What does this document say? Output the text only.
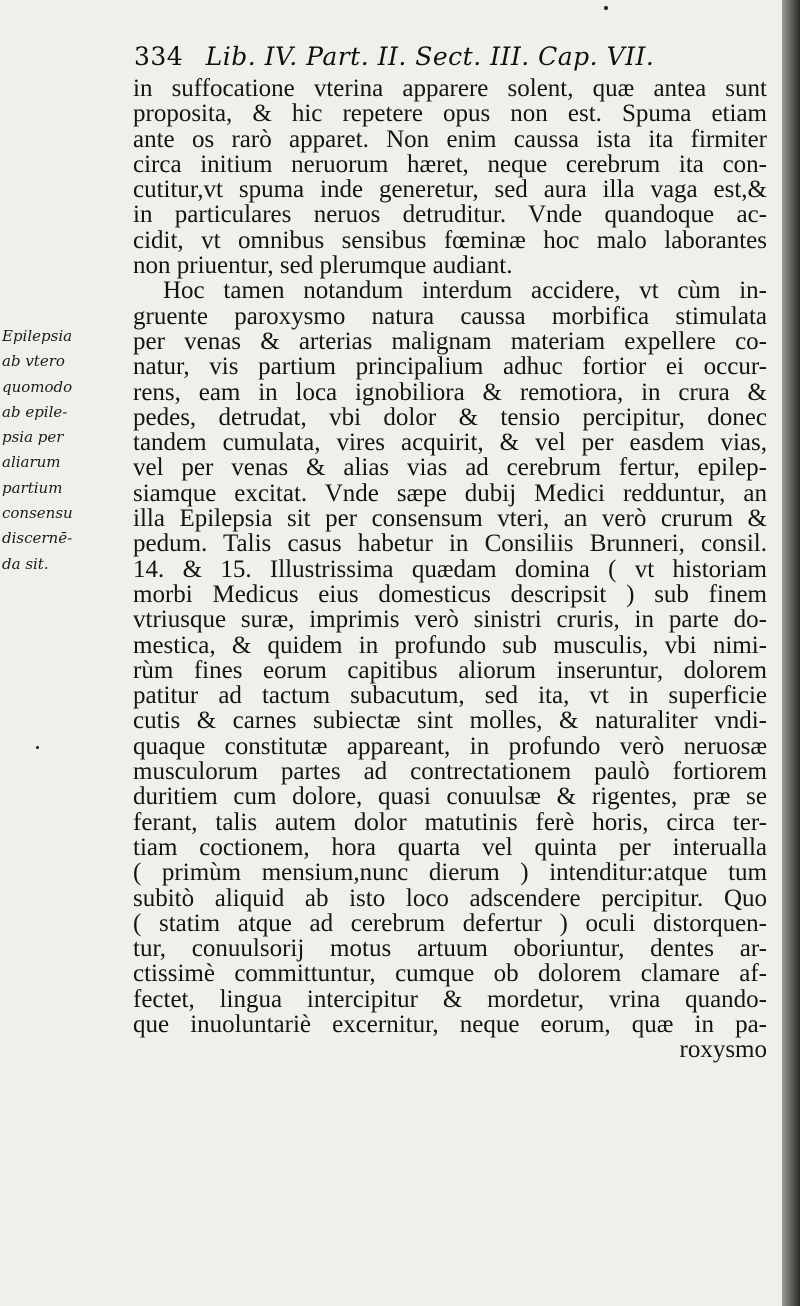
334 Lib. IV. Part. II. Sect. III. Cap. VII.
Epilepsia
ab vtero
quomodo
ab epile-
psia per
aliarum
partium
consensu
discernē-
da sit.
in suffocatione vterina apparere solent, quæ antea sunt
proposita, & hic repetere opus non est. Spuma etiam
ante os rarò apparet. Non enim caussa ista ita firmiter
circa initium neruorum hæret, neque cerebrum ita con-
cutitur,vt spuma inde generetur, sed aura illa vaga est,&
in particulares neruos detruditur. Vnde quandoque ac-
cidit, vt omnibus sensibus fœminæ hoc malo laborantes
non priuentur, sed plerumque audiant.
Hoc tamen notandum interdum accidere, vt cùm in-
gruente paroxysmo natura caussa morbifica stimulata
per venas & arterias malignam materiam expellere co-
natur, vis partium principalium adhuc fortior ei occur-
rens, eam in loca ignobiliora & remotiora, in crura &
pedes, detrudat, vbi dolor & tensio percipitur, donec
tandem cumulata, vires acquirit, & vel per easdem vias,
vel per venas & alias vias ad cerebrum fertur, epilep-
siamque excitat. Vnde sæpe dubij Medici redduntur, an
illa Epilepsia sit per consensum vteri, an verò crurum &
pedum. Talis casus habetur in Consiliis Brunneri, consil.
14. & 15. Illustrissima quædam domina ( vt historiam
morbi Medicus eius domesticus descripsit ) sub finem
vtriusque suræ, imprimis verò sinistri cruris, in parte do-
mestica, & quidem in profundo sub musculis, vbi nimi-
rùm fines eorum capitibus aliorum inseruntur, dolorem
patitur ad tactum subacutum, sed ita, vt in superficie
cutis & carnes subiectæ sint molles, & naturaliter vndi-
quaque constitutæ appareant, in profundo verò neruosæ
musculorum partes ad contrectationem paulò fortiorem
duritiem cum dolore, quasi conuulsæ & rigentes, præ se
ferant, talis autem dolor matutinis ferè horis, circa ter-
tiam coctionem, hora quarta vel quinta per interualla
( primùm mensium,nunc dierum ) intenditur:atque tum
subitò aliquid ab isto loco adscendere percipitur. Quo
( statim atque ad cerebrum defertur ) oculi distorquen-
tur, conuulsorij motus artuum oboriuntur, dentes ar-
ctissimè committuntur, cumque ob dolorem clamare af-
fectet, lingua intercipitur & mordetur, vrina quando-
que inuoluntariè excernitur, neque eorum, quæ in pa-
roxysmo
